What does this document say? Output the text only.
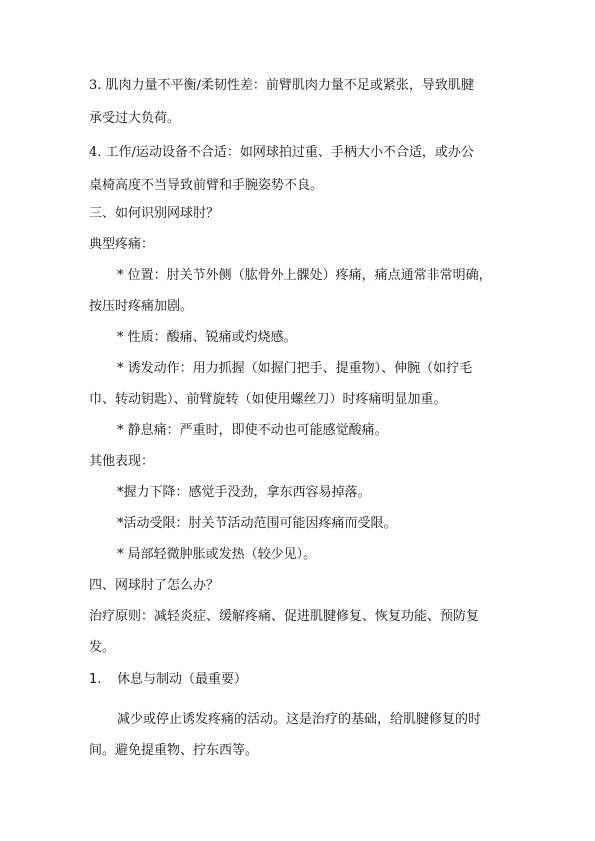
3. 肌肉力量不平衡/柔韧性差：前臂肌肉力量不足或紧张，导致肌腱
承受过大负荷。
4. 工作/运动设备不合适：如网球拍过重、手柄大小不合适，或办公
桌椅高度不当导致前臂和手腕姿势不良。
三、如何识别网球肘？
典型疼痛：
* 位置：肘关节外侧（肱骨外上髁处）疼痛，痛点通常非常明确，
按压时疼痛加剧。
* 性质：酸痛、锐痛或灼烧感。
* 诱发动作：用力抓握（如握门把手、提重物）、伸腕（如拧毛
巾、转动钥匙）、前臂旋转（如使用螺丝刀）时疼痛明显加重。
* 静息痛：严重时，即使不动也可能感觉酸痛。
其他表现：
*握力下降：感觉手没劲，拿东西容易掉落。
*活动受限：肘关节活动范围可能因疼痛而受限。
* 局部轻微肿胀或发热（较少见）。
四、网球肘了怎么办？
治疗原则：减轻炎症、缓解疼痛、促进肌腱修复、恢复功能、预防复
发。
1. 休息与制动（最重要）
减少或停止诱发疼痛的活动。这是治疗的基础，给肌腱修复的时
间。避免提重物、拧东西等。
